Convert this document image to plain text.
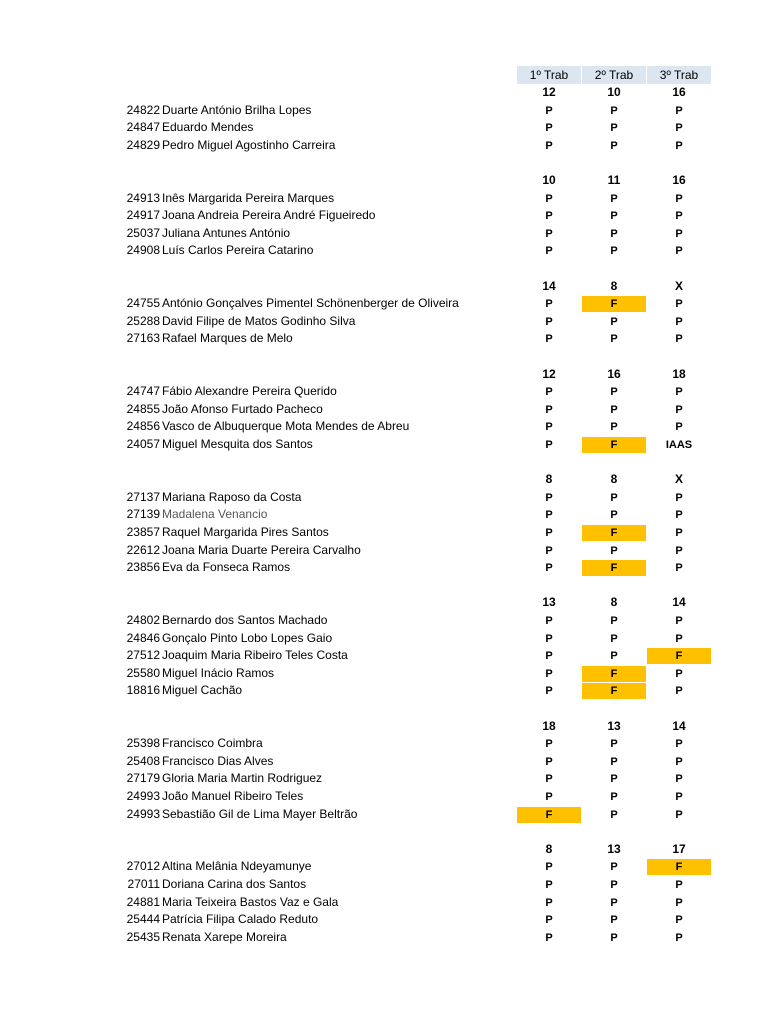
1º Trab	2º Trab	3º Trab
12	10	16
24822 Duarte António Brilha Lopes	P	P	P
24847 Eduardo Mendes	P	P	P
24829 Pedro Miguel Agostinho Carreira	P	P	P
10	11	16
24913 Inês Margarida Pereira Marques	P	P	P
24917 Joana Andreia Pereira André Figueiredo	P	P	P
25037 Juliana Antunes António	P	P	P
24908 Luís Carlos Pereira Catarino	P	P	P
14	8	X
24755 António Gonçalves Pimentel Schönenberger de Oliveira	P	F	P
25288 David Filipe de Matos Godinho Silva	P	P	P
27163 Rafael Marques de Melo	P	P	P
12	16	18
24747 Fábio Alexandre Pereira Querido	P	P	P
24855 João Afonso Furtado Pacheco	P	P	P
24856 Vasco de Albuquerque Mota Mendes de Abreu	P	P	P
24057 Miguel Mesquita dos Santos	P	F	IAAS
8	8	X
27137 Mariana Raposo da Costa	P	P	P
27139 Madalena Venancio	P	P	P
23857 Raquel Margarida Pires Santos	P	F	P
22612 Joana Maria Duarte Pereira Carvalho	P	P	P
23856 Eva da Fonseca Ramos	P	F	P
13	8	14
24802 Bernardo dos Santos Machado	P	P	P
24846 Gonçalo Pinto Lobo Lopes Gaio	P	P	P
27512 Joaquim Maria Ribeiro Teles Costa	P	P	F
25580 Miguel Inácio Ramos	P	F	P
18816 Miguel Cachão	P	F	P
18	13	14
25398 Francisco Coimbra	P	P	P
25408 Francisco Dias Alves	P	P	P
27179 Gloria Maria Martin Rodriguez	P	P	P
24993 João Manuel Ribeiro Teles	P	P	P
24993 Sebastião Gil de Lima Mayer Beltrão	F	P	P
8	13	17
27012 Altina Melânia Ndeyamunye	P	P	F
27011 Doriana Carina dos Santos	P	P	P
24881 Maria Teixeira Bastos Vaz e Gala	P	P	P
25444 Patrícia Filipa Calado Reduto	P	P	P
25435 Renata Xarepe Moreira	P	P	P
